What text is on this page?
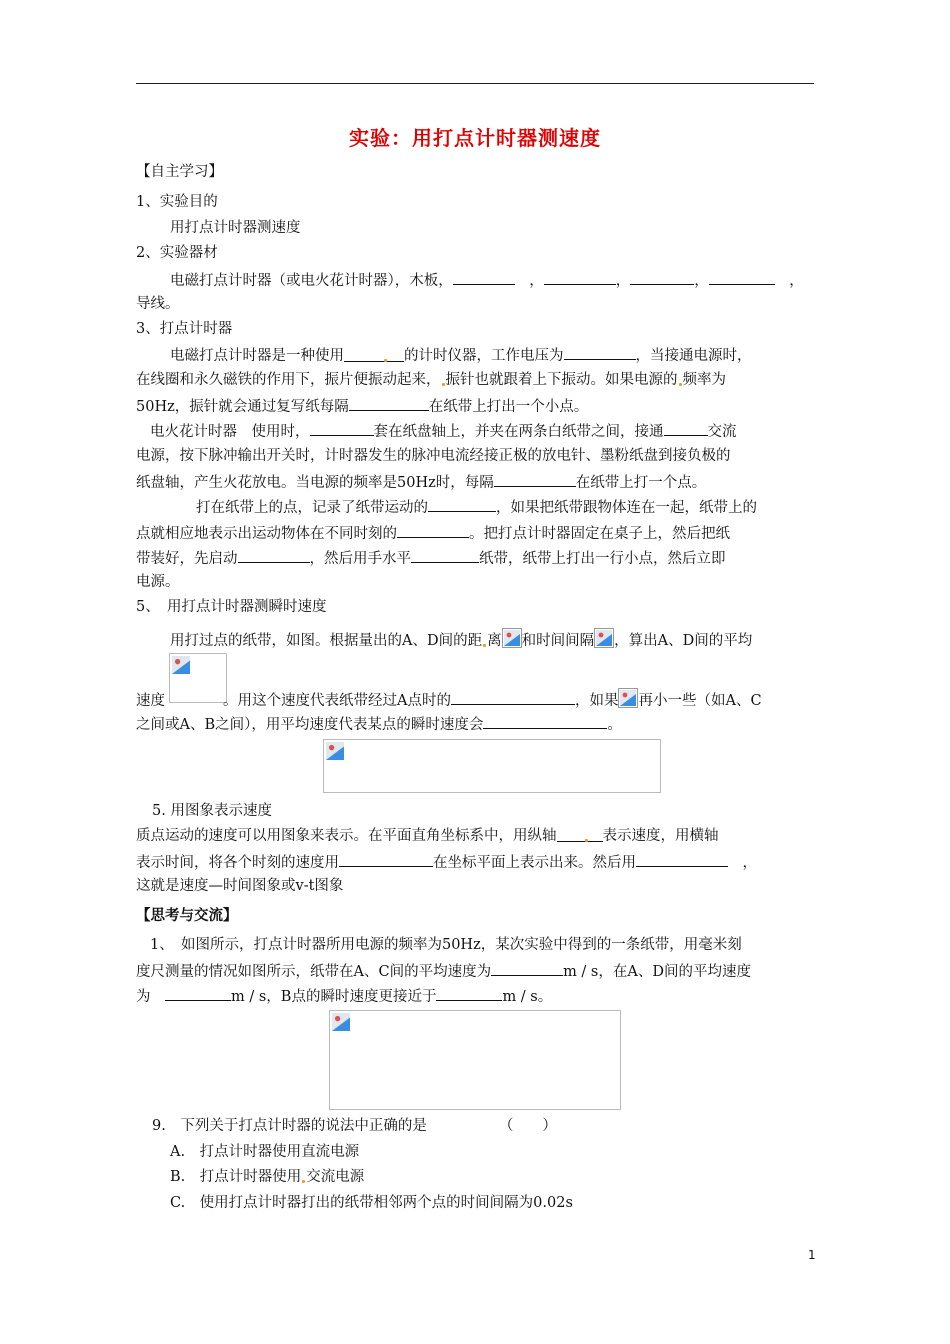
实验：用打点计时器测速度
【自主学习】
1、实验目的
用打点计时器测速度
2、实验器材
电磁打点计时器（或电火花计时器），木板，	　，	，	，	　，
导线。
3、打点计时器
电磁打点计时器是一种使用	的计时仪器，工作电压为	，当接通电源时，
在线圈和永久磁铁的作用下，振片便振动起来， 振针也就跟着上下振动。如果电源的 频率为
50Hz，振针就会通过复写纸每隔	在纸带上打出一个小点。
电火花计时器　使用时，	套在纸盘轴上，并夹在两条白纸带之间，接通	交流
电源，按下脉冲输出开关时，计时器发生的脉冲电流经接正极的放电针、墨粉纸盘到接负极的
纸盘轴，产生火花放电。当电源的频率是50Hz时，每隔	在纸带上打一个点。
打在纸带上的点，记录了纸带运动的	，如果把纸带跟物体连在一起，纸带上的
点就相应地表示出运动物体在不同时刻的	。把打点计时器固定在桌子上，然后把纸
带装好，先启动	，然后用手水平	纸带，纸带上打出一行小点，然后立即
电源。
5、　用打点计时器测瞬时速度
用打过点的纸带，如图。根据量出的A、D间的距 离 和时间间隔 ，算出A、D间的平均
速度	。用这个速度代表纸带经过A点时的	，如果 再小一些（如A、C
之间或A、B之间），用平均速度代表某点的瞬时速度会	。
5. 用图象表示速度
质点运动的速度可以用图象来表示。在平面直角坐标系中，用纵轴	表示速度，用横轴
表示时间，将各个时刻的速度用	在坐标平面上表示出来。然后用　	，
这就是速度—时间图象或v-t图象
【思考与交流】
1、　如图所示，打点计时器所用电源的频率为50Hz，某次实验中得到的一条纸带，用毫米刻
度尺测量的情况如图所示，纸带在A、C间的平均速度为	m / s，在A、D间的平均速度
为　	m / s，B点的瞬时速度更接近于	m / s。
9.　下列关于打点计时器的说法中正确的是	（　　）
A.　打点计时器使用直流电源
B.　打点计时器使用 交流电源
C.　使用打点计时器打出的纸带相邻两个点的时间间隔为0.02s
1
